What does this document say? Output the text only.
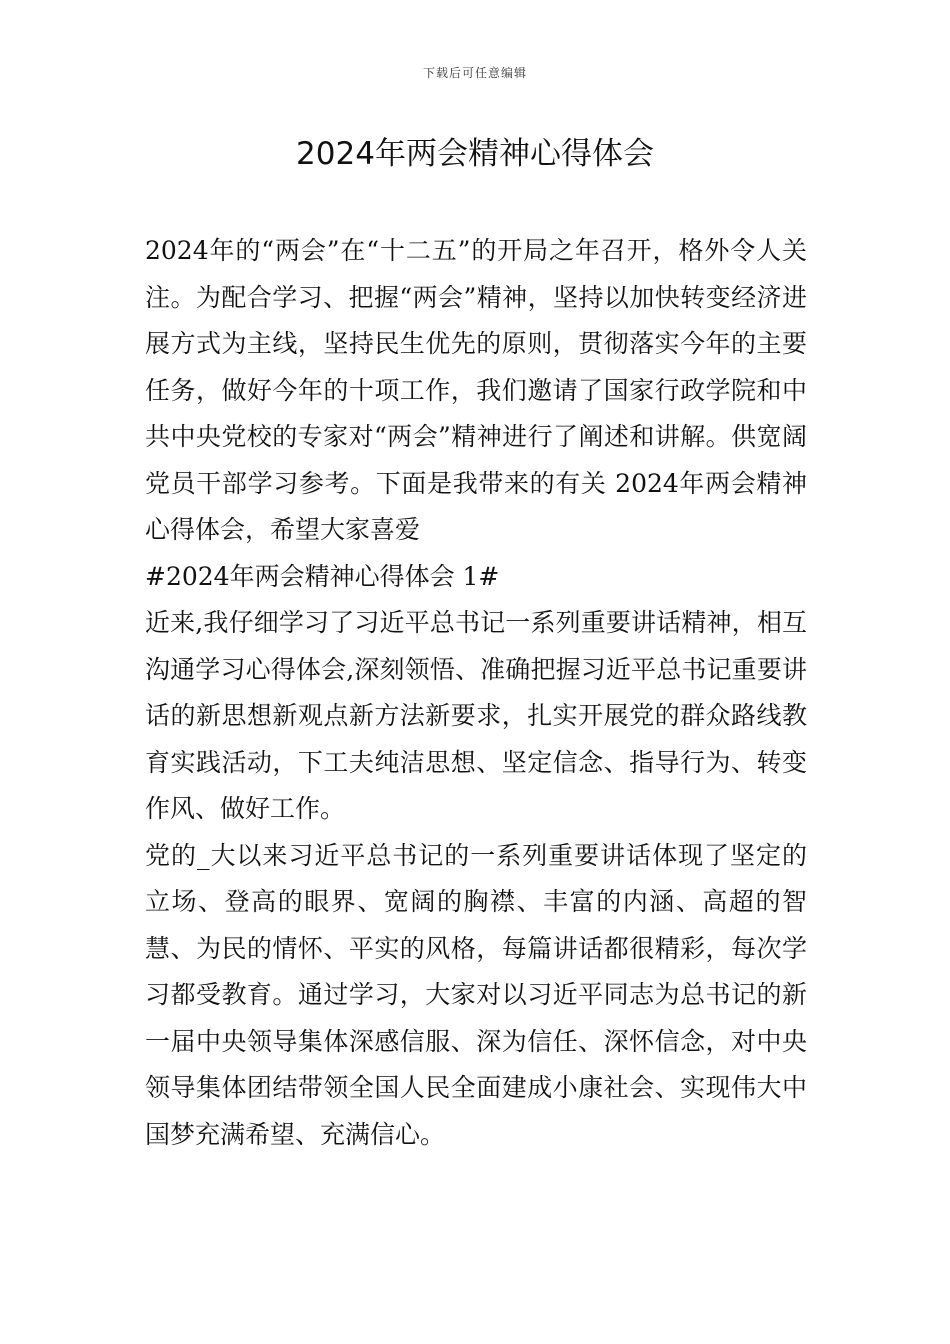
下载后可任意编辑
2024年两会精神心得体会

2024年的“两会”在“十二五”的开局之年召开，格外令人关注。为配合学习、把握“两会”精神，坚持以加快转变经济进展方式为主线，坚持民生优先的原则，贯彻落实今年的主要任务，做好今年的十项工作，我们邀请了国家行政学院和中共中央党校的专家对“两会”精神进行了阐述和讲解。供宽阔党员干部学习参考。下面是我带来的有关 2024年两会精神心得体会，希望大家喜爱

#2024年两会精神心得体会 1#

近来,我仔细学习了习近平总书记一系列重要讲话精神，相互沟通学习心得体会,深刻领悟、准确把握习近平总书记重要讲话的新思想新观点新方法新要求，扎实开展党的群众路线教育实践活动，下工夫纯洁思想、坚定信念、指导行为、转变作风、做好工作。

党的_大以来习近平总书记的一系列重要讲话体现了坚定的立场、登高的眼界、宽阔的胸襟、丰富的内涵、高超的智慧、为民的情怀、平实的风格，每篇讲话都很精彩，每次学习都受教育。通过学习，大家对以习近平同志为总书记的新一届中央领导集体深感信服、深为信任、深怀信念，对中央领导集体团结带领全国人民全面建成小康社会、实现伟大中国梦充满希望、充满信心。
